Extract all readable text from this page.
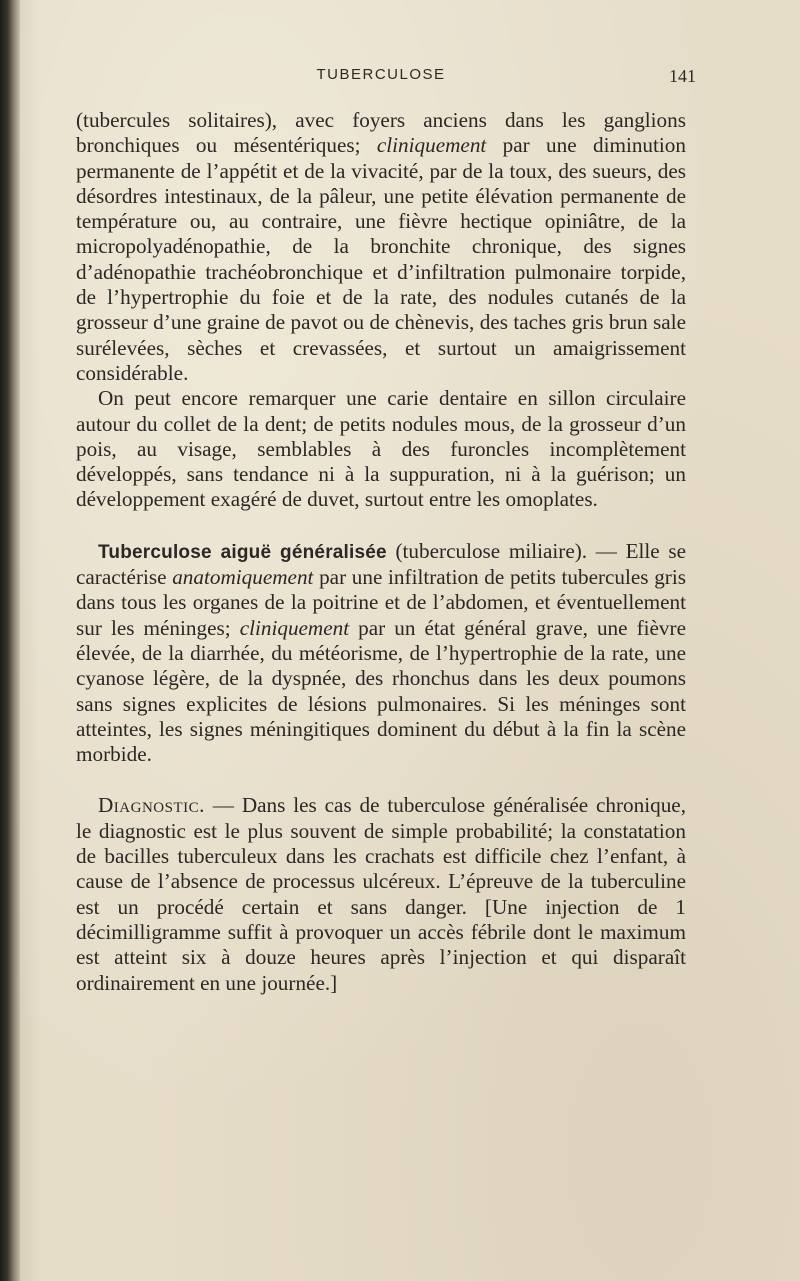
TUBERCULOSE	141

(tubercules solitaires), avec foyers anciens dans les ganglions bronchiques ou mésentériques; cliniquement par une diminution permanente de l’appétit et de la vivacité, par de la toux, des sueurs, des désordres intestinaux, de la pâleur, une petite élévation permanente de température ou, au contraire, une fièvre hectique opiniâtre, de la micropolyadénopathie, de la bronchite chronique, des signes d’adénopathie trachéobronchique et d’infiltration pulmonaire torpide, de l’hypertrophie du foie et de la rate, des nodules cutanés de la grosseur d’une graine de pavot ou de chènevis, des taches gris brun sale surélevées, sèches et crevassées, et surtout un amaigrissement considérable.

On peut encore remarquer une carie dentaire en sillon circulaire autour du collet de la dent; de petits nodules mous, de la grosseur d’un pois, au visage, semblables à des furoncles incomplètement développés, sans tendance ni à la suppuration, ni à la guérison; un développement exagéré de duvet, surtout entre les omoplates.

Tuberculose aiguë généralisée (tuberculose miliaire). — Elle se caractérise anatomiquement par une infiltration de petits tubercules gris dans tous les organes de la poitrine et de l’abdomen, et éventuellement sur les méninges; cliniquement par un état général grave, une fièvre élevée, de la diarrhée, du météorisme, de l’hypertrophie de la rate, une cyanose légère, de la dyspnée, des rhonchus dans les deux poumons sans signes explicites de lésions pulmonaires. Si les méninges sont atteintes, les signes méningitiques dominent du début à la fin la scène morbide.

Diagnostic. — Dans les cas de tuberculose généralisée chronique, le diagnostic est le plus souvent de simple probabilité; la constatation de bacilles tuberculeux dans les crachats est difficile chez l’enfant, à cause de l’absence de processus ulcéreux. L’épreuve de la tuberculine est un procédé certain et sans danger. [Une injection de 1 décimilligramme suffit à provoquer un accès fébrile dont le maximum est atteint six à douze heures après l’injection et qui disparaît ordinairement en une journée.]
